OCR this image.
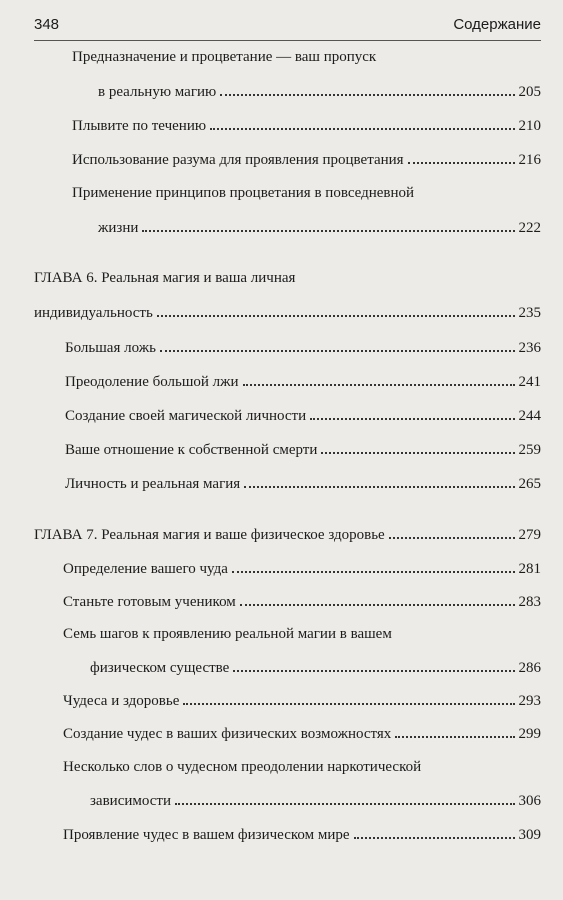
348	Содержание
Предназначение и процветание — ваш пропуск
в реальную магию	205
Плывите по течению	210
Использование разума для проявления процветания	216
Применение принципов процветания в повседневной
жизни	222
ГЛАВА 6. Реальная магия и ваша личная
индивидуальность	235
Большая ложь	236
Преодоление большой лжи	241
Создание своей магической личности	244
Ваше отношение к собственной смерти	259
Личность и реальная магия	265
ГЛАВА 7. Реальная магия и ваше физическое здоровье	279
Определение вашего чуда	281
Станьте готовым учеником	283
Семь шагов к проявлению реальной магии в вашем
физическом существе	286
Чудеса и здоровье	293
Создание чудес в ваших физических возможностях	299
Несколько слов о чудесном преодолении наркотической
зависимости	306
Проявление чудес в вашем физическом мире	309
